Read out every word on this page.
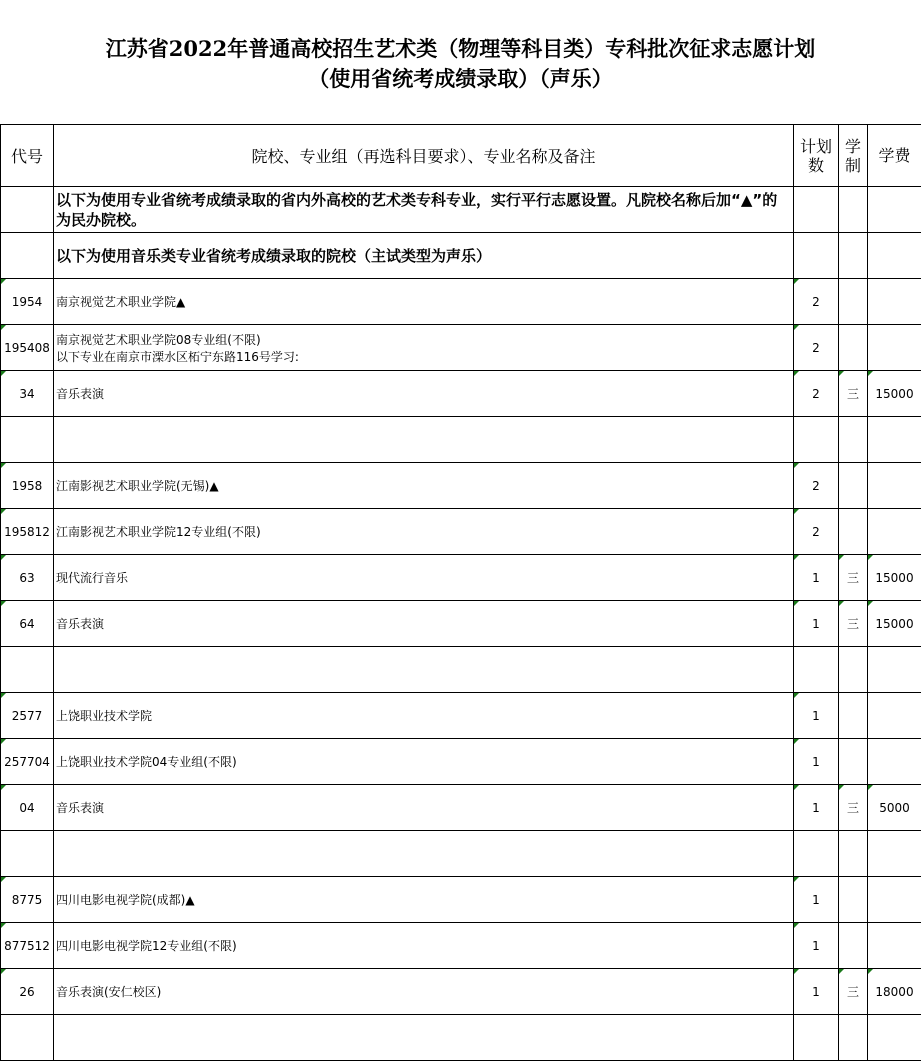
江苏省2022年普通高校招生艺术类（物理等科目类）专科批次征求志愿计划
（使用省统考成绩录取）（声乐）
代号	院校、专业组（再选科目要求）、专业名称及备注	计划数	学制	学费
	以下为使用专业省统考成绩录取的省内外高校的艺术类专科专业，实行平行志愿设置。凡院校名称后加“▲”的为民办院校。			
	以下为使用音乐类专业省统考成绩录取的院校（主试类型为声乐）			
1954	南京视觉艺术职业学院▲	2		
195408	南京视觉艺术职业学院08专业组(不限)
以下专业在南京市溧水区柘宁东路116号学习:	2		
34	音乐表演	2	三	15000

1958	江南影视艺术职业学院(无锡)▲	2		
195812	江南影视艺术职业学院12专业组(不限)	2		
63	现代流行音乐	1	三	15000
64	音乐表演	1	三	15000

2577	上饶职业技术学院	1		
257704	上饶职业技术学院04专业组(不限)	1		
04	音乐表演	1	三	5000

8775	四川电影电视学院(成都)▲	1		
877512	四川电影电视学院12专业组(不限)	1		
26	音乐表演(安仁校区)	1	三	18000
